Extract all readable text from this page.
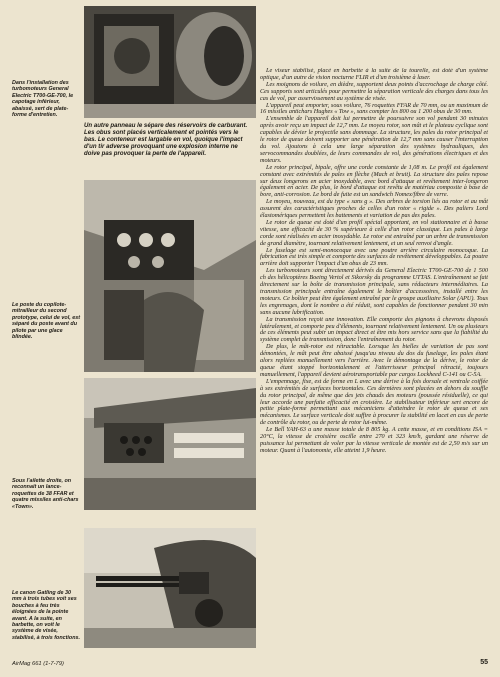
Dans l'installation des turbomoteurs General Electric T700-GE-700, le capotage inférieur, abaissé, sert de plate-forme d'entretien.
Un autre panneau le sépare des réservoirs de carburant. Les obus sont placés verticalement et pointés vers le bas. Le conteneur est largable en vol, quoique l'impact d'un tir adverse provoquant une explosion interne ne doive pas provoquer la perte de l'appareil.
Le poste du copilote-mitrailleur du second prototype, celui de vol, est séparé du poste avant du pilote par une glace blindée.
Sous l'ailette droite, on reconnait un lance-roquettes de 38 FFAR et quatre missiles anti-chars «Town».
Le canon Gatling de 30 mm à trois tubes voit ses bouches à feu très éloignées de la pointe avant. A la suite, en barbette, on voit le système de visée, stabilisé, à trois fonctions.

Le viseur stabilisé, placé en barbette à la suite de la tourelle, est doté d'un système optique, d'un autre de vision nocturne FLIR et d'un troisième à laser.

Les moignons de voilure, en dièdre, supportent deux points d'accrochage de charge côté. Ces supports sont articulés pour permettre la séparation verticale des charges dans tous les cas de vol, par asservissement au système de visée.

L'appareil peut emporter, sous voilure, 76 roquettes FFAR de 70 mm, ou un maximum de 16 missiles antichars Hughes « Tow », sans compter les 800 ou 1 200 obus de 30 mm.

L'ensemble de l'appareil doit lui permettre de poursuivre son vol pendant 30 minutes après avoir reçu un impact de 12,7 mm. Le moyeu rotor, son mât et le plateau cyclique sont capables de dévier le projectile sans dommage. La structure, les pales du rotor principal et le rotor de queue doivent supporter une pénétration de 12,7 mm sans causer l'interruption du vol. Ajoutons à cela une large séparation des systèmes hydrauliques, des servocommandes doublées, de leurs commandes de vol, des générations électriques et des moteurs.

Le rotor principal, bipale, offre une corde constante de 1,08 m. Le profil est également constant avec extrémités de pales en flèche (Mach et bruit). La structure des pales repose sur deux longerons en acier inoxydable, avec bord d'attaque et revêtement inter-longeron également en acier. De plus, le bord d'attaque est revêtu de matériau composite à base de bore, anti-corrosion. Le bord de fuite est un sandwich Nomex/fibre de verre.

Le moyeu, nouveau, est du type « sans g ». Des arbres de torsion liés au rotor et au mât assurent des caractéristiques proches de celles d'un rotor « rigide ». Des paliers Lord élastomériques permettent les battements et variation de pas des pales.

Le rotor de queue est doté d'un profil spécial apportant, en vol stationnaire et à basse vitesse, une efficacité de 30 % supérieure à celle d'un rotor classique. Les pales à large corde sont réalisées en acier inoxydable. Le rotor est entraîné par un arbre de transmission de grand diamètre, tournant relativement lentement, et un seul renvoi d'angle.

Le fuselage est semi-monocoque avec une poutre arrière circulaire monocoque. La fabrication est très simple et comporte des surfaces de revêtement développables. La poutre arrière doit supporter l'impact d'un obus de 23 mm.

Les turbomoteurs sont directement dérivés du General Electric T700-GE-700 de 1 500 ch des hélicoptères Boeing Vertol et Sikorsky du programme UTTAS. L'entraînement se fait directement sur la boîte de transmission principale, sans réducteurs intermédiaires. La transmission principale entraîne également le boîtier d'accessoires, installé entre les moteurs. Ce boîtier peut être également entraîné par le groupe auxiliaire Solar (APU). Tous les engrenages, dont le nombre a été réduit, sont capables de fonctionner pendant 30 min sans aucune lubrification.

La transmission reçoit une innovation. Elle comporte des pignons à chevrons disposés latéralement, et comporte peu d'éléments, tournant relativement lentement. Un ou plusieurs de ces éléments peut subir un impact direct et être mis hors service sans que la fiabilité du système complet de transmission, donc l'entraînement du rotor.

De plus, le mât-rotor est rétractable. Lorsque les bielles de variation de pas sont démontées, le mât peut être abaissé jusqu'au niveau du dos du fuselage, les pales étant alors repliées manuellement vers l'arrière. Avec le démontage de la dérive, le rotor de queue étant stoppé horizontalement et l'atterrisseur principal rétracté, toujours manuellement, l'appareil devient aérotransportable par cargos Lockheed C-141 ou C-5A.

L'empennage, fixe, est de forme en L avec une dérive à la fois dorsale et ventrale coiffée à ses extrémités de surfaces horizontales. Ces dernières sont placées en dehors du souffle du rotor principal, de même que des jets chauds des moteurs (poussée résiduelle), ce qui leur accorde une parfaite efficacité en croisière. Le stabilisateur inférieur sert encore de petite plate-forme permettant aux mécaniciens d'atteindre le rotor de queue et ses mécanismes. Le surface verticale doit suffire à procurer la stabilité en lacet en cas de perte de contrôle du rotor, ou de perte de rotor lui-même.

Le Bell YAH-63 a une masse totale de 8 805 kg. A cette masse, et en conditions ISA = 20°C, la vitesse de croisière oscille entre 270 et 323 km/h, gardant une réserve de puissance lui permettant de voler par la vitesse verticale de montée est de 2,50 m/s sur un moteur. Quant à l'autonomie, elle atteint 1,9 heure.

AirMag 661 (1-7-79)	55
